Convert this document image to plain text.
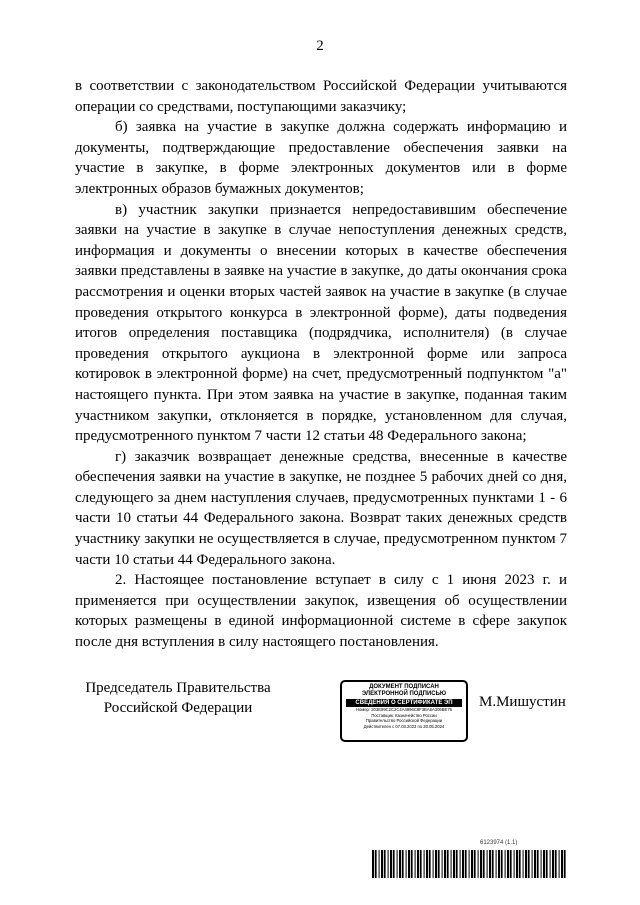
2

в соответствии с законодательством Российской Федерации учитываются операции со средствами, поступающими заказчику;

б) заявка на участие в закупке должна содержать информацию и документы, подтверждающие предоставление обеспечения заявки на участие в закупке, в форме электронных документов или в форме электронных образов бумажных документов;

в) участник закупки признается непредоставившим обеспечение заявки на участие в закупке в случае непоступления денежных средств, информация и документы о внесении которых в качестве обеспечения заявки представлены в заявке на участие в закупке, до даты окончания срока рассмотрения и оценки вторых частей заявок на участие в закупке (в случае проведения открытого конкурса в электронной форме), даты подведения итогов определения поставщика (подрядчика, исполнителя) (в случае проведения открытого аукциона в электронной форме или запроса котировок в электронной форме) на счет, предусмотренный подпунктом "а" настоящего пункта. При этом заявка на участие в закупке, поданная таким участником закупки, отклоняется в порядке, установленном для случая, предусмотренного пунктом 7 части 12 статьи 48 Федерального закона;

г) заказчик возвращает денежные средства, внесенные в качестве обеспечения заявки на участие в закупке, не позднее 5 рабочих дней со дня, следующего за днем наступления случаев, предусмотренных пунктами 1 - 6 части 10 статьи 44 Федерального закона. Возврат таких денежных средств участнику закупки не осуществляется в случае, предусмотренном пунктом 7 части 10 статьи 44 Федерального закона.

2. Настоящее постановление вступает в силу с 1 июня 2023 г. и применяется при осуществлении закупок, извещения об осуществлении которых размещены в единой информационной системе в сфере закупок после дня вступления в силу настоящего постановления.

Председатель Правительства
Российской Федерации
ДОКУМЕНТ ПОДПИСАН
ЭЛЕКТРОННОЙ ПОДПИСЬЮ
СВЕДЕНИЯ О СЕРТИФИКАТЕ ЭП
Номер: 203E99C2C2C4A4896C8F3BA6A306BE76
Поставщик: Казначейство России
Правительство Российской Федерации
Действителен с 07.03.2023 по 30.05.2024
М.Мишустин
6123974 (1.1)
